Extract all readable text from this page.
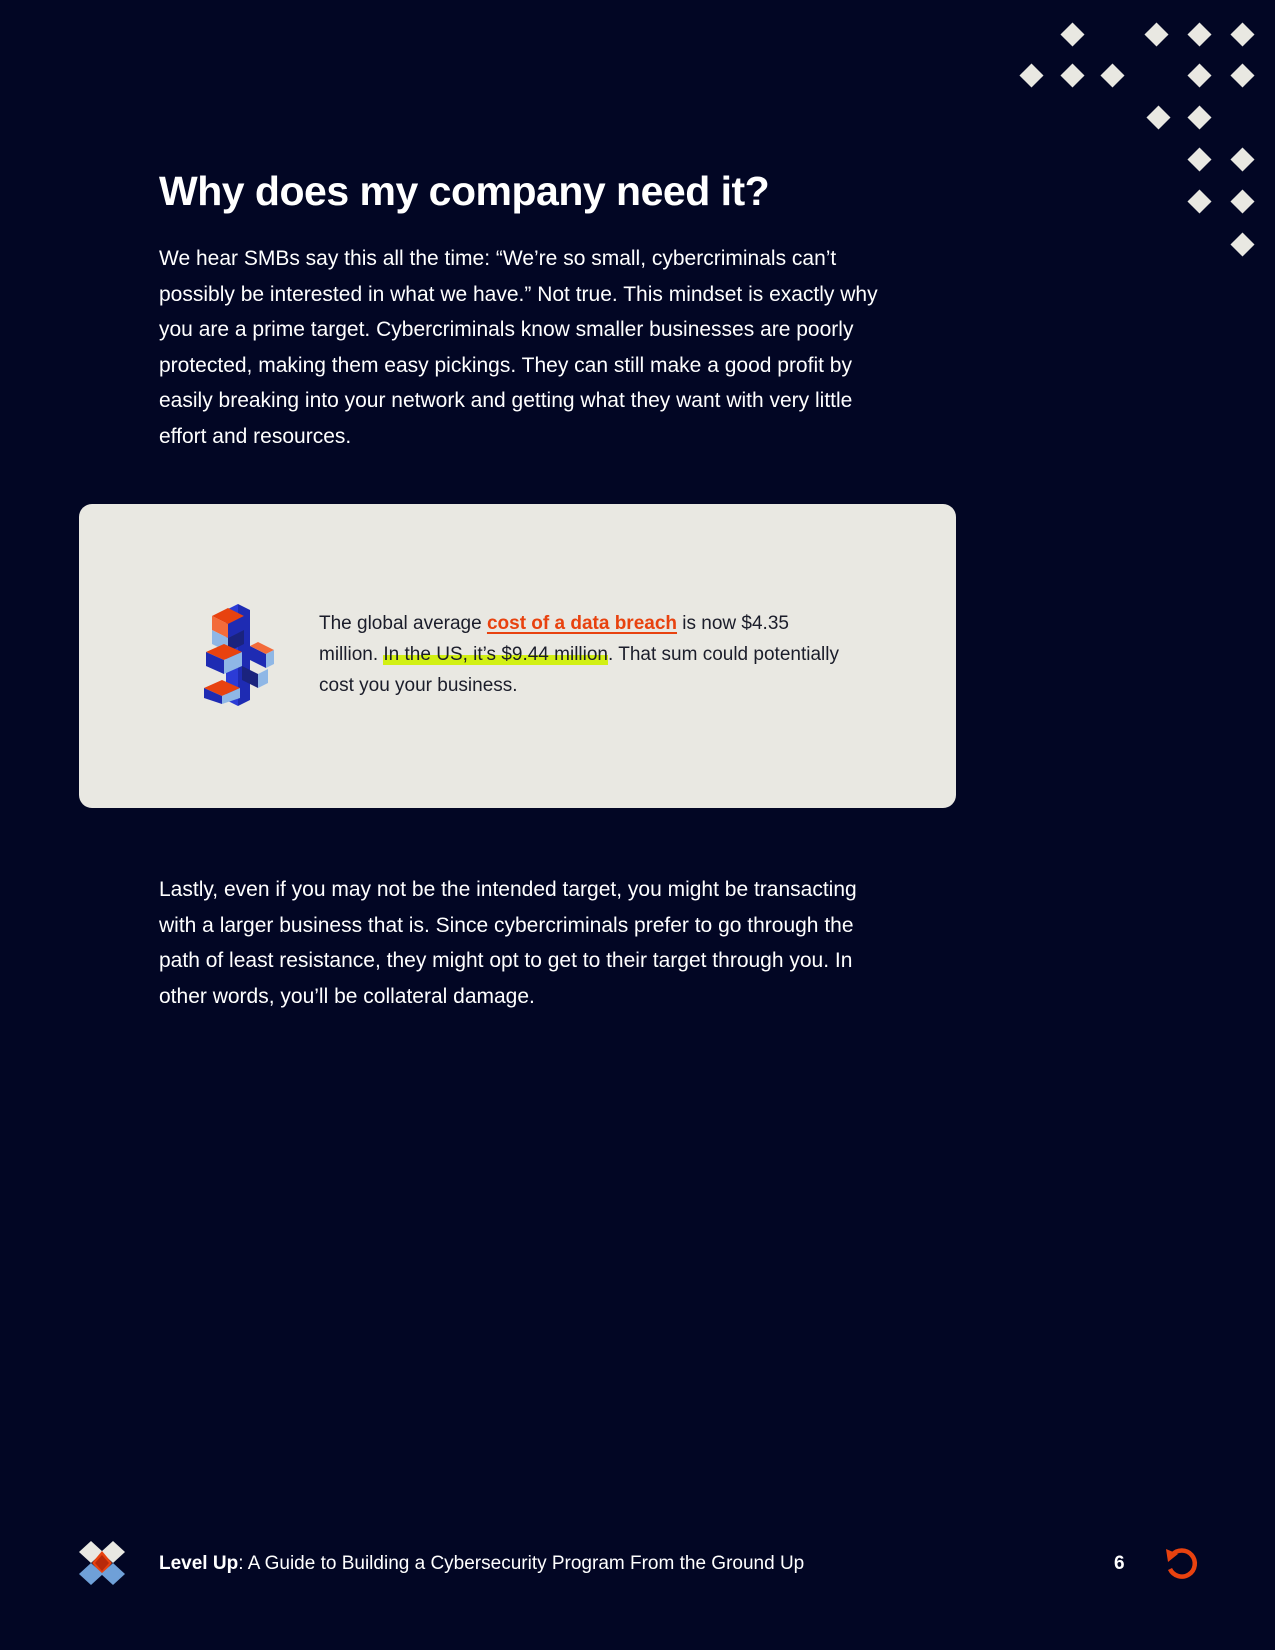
Why does my company need it?

We hear SMBs say this all the time: “We’re so small, cybercriminals can’t possibly be interested in what we have.” Not true. This mindset is exactly why you are a prime target. Cybercriminals know smaller businesses are poorly protected, making them easy pickings. They can still make a good profit by easily breaking into your network and getting what they want with very little effort and resources.

The global average cost of a data breach is now $4.35 million. In the US, it’s $9.44 million. That sum could potentially cost you your business.

Lastly, even if you may not be the intended target, you might be transacting with a larger business that is. Since cybercriminals prefer to go through the path of least resistance, they might opt to get to their target through you. In other words, you’ll be collateral damage.

Level Up: A Guide to Building a Cybersecurity Program From the Ground Up	6
